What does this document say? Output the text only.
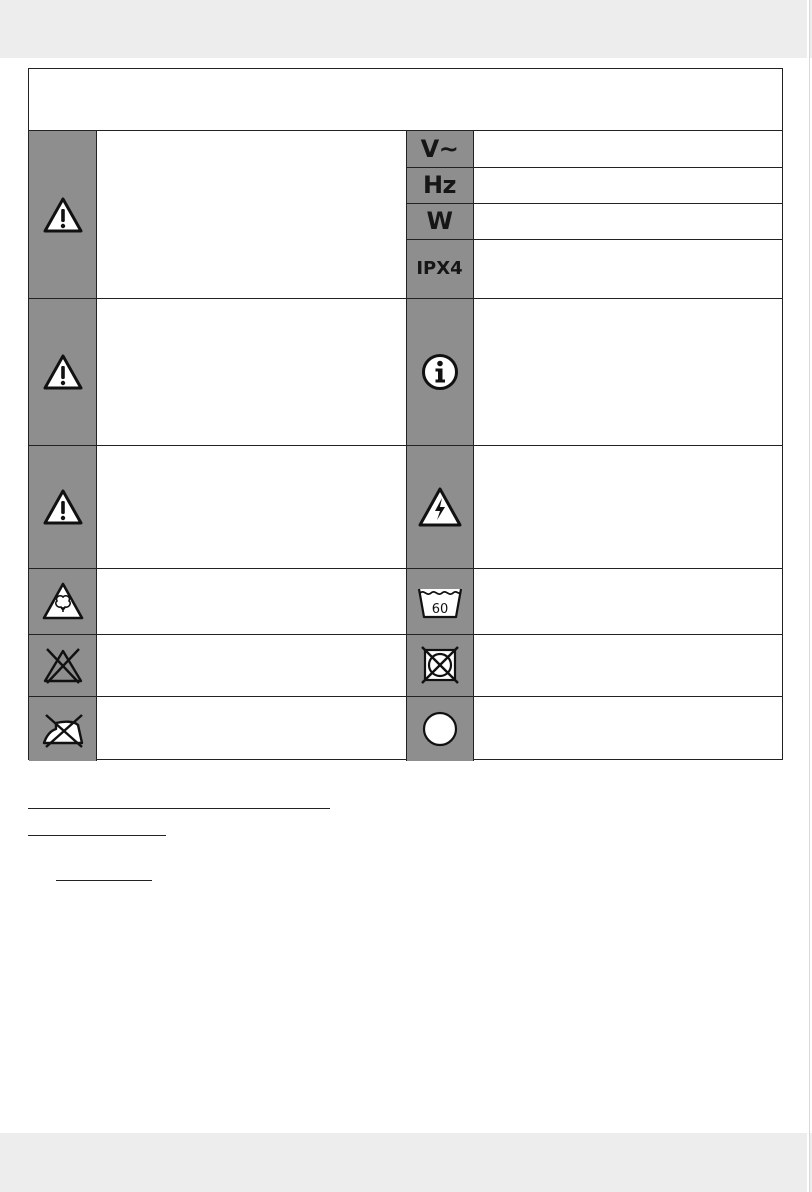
V~
Hz
W
IPX4
60
